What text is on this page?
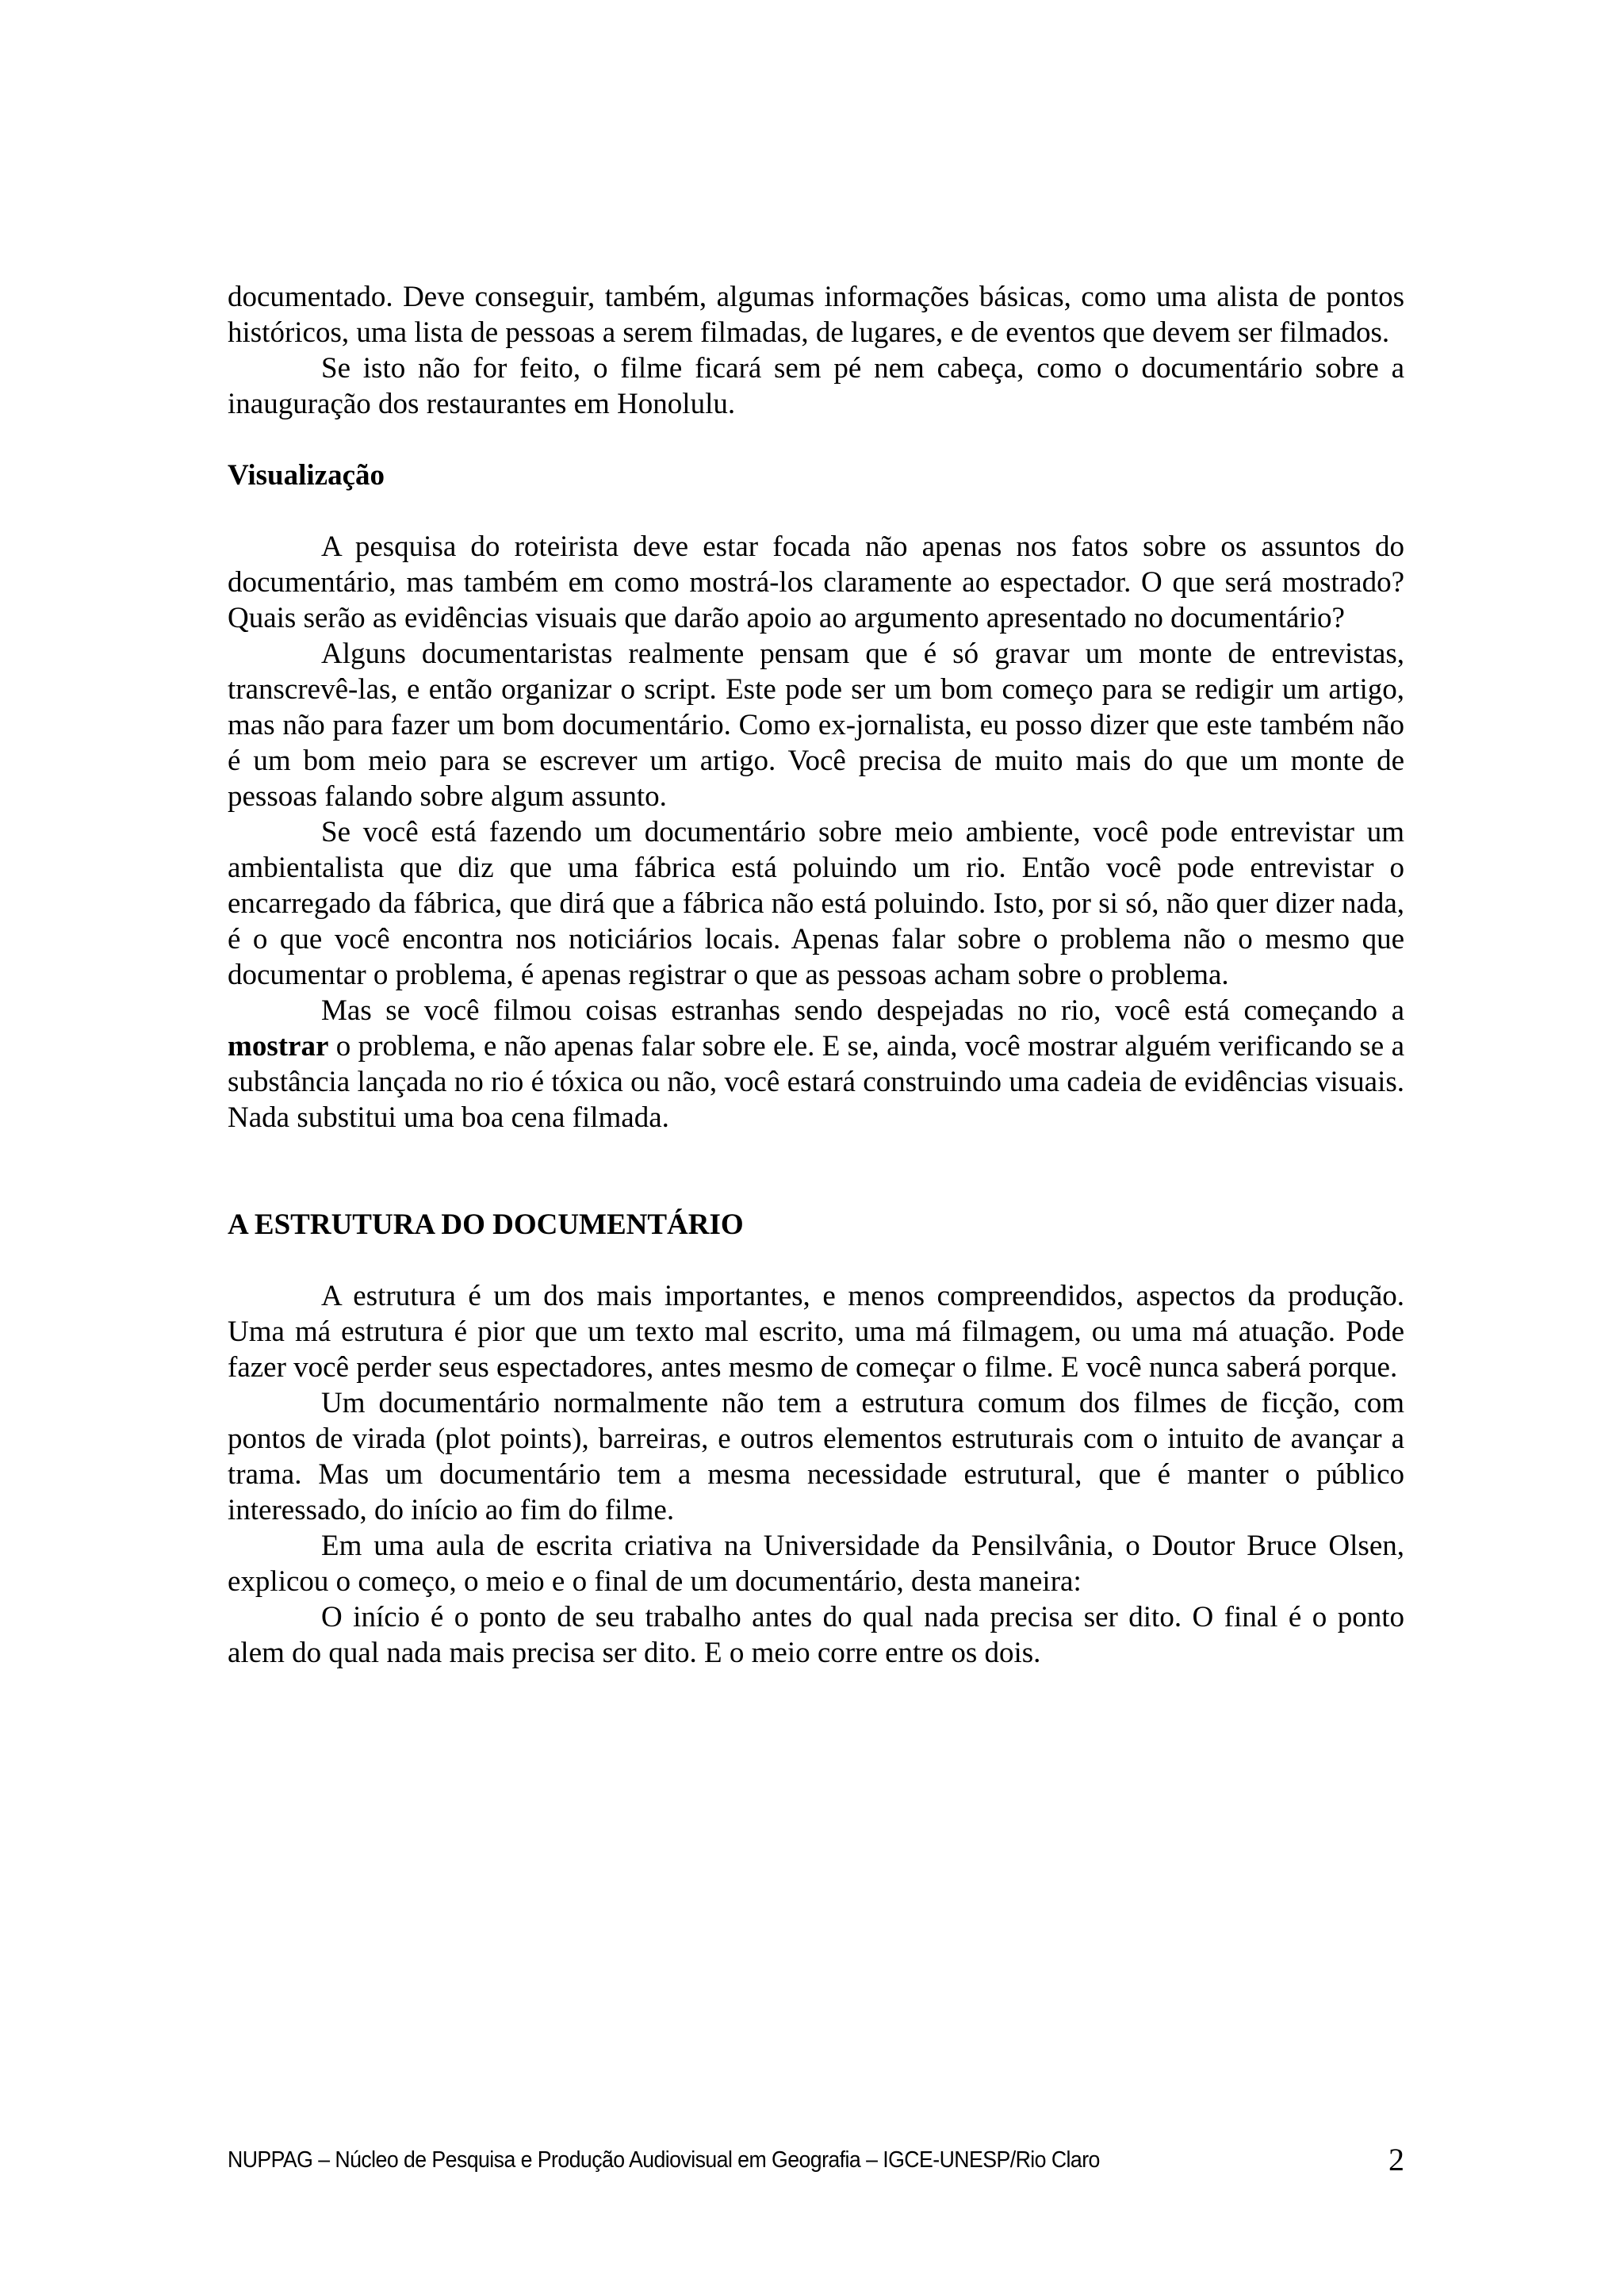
documentado. Deve conseguir, também, algumas informações básicas, como uma alista de pontos históricos, uma lista de pessoas a serem filmadas, de lugares, e de eventos que devem ser filmados.

Se isto não for feito, o filme ficará sem pé nem cabeça, como o documentário sobre a inauguração dos restaurantes em Honolulu.

Visualização

A pesquisa do roteirista deve estar focada não apenas nos fatos sobre os assuntos do documentário, mas também em como mostrá-los claramente ao espectador. O que será mostrado? Quais serão as evidências visuais que darão apoio ao argumento apresentado no documentário?

Alguns documentaristas realmente pensam que é só gravar um monte de entrevistas, transcrevê-las, e então organizar o script. Este pode ser um bom começo para se redigir um artigo, mas não para fazer um bom documentário. Como ex-jornalista, eu posso dizer que este também não é um bom meio para se escrever um artigo. Você precisa de muito mais do que um monte de pessoas falando sobre algum assunto.

Se você está fazendo um documentário sobre meio ambiente, você pode entrevistar um ambientalista que diz que uma fábrica está poluindo um rio. Então você pode entrevistar o encarregado da fábrica, que dirá que a fábrica não está poluindo. Isto, por si só, não quer dizer nada, é o que você encontra nos noticiários locais. Apenas falar sobre o problema não o mesmo que documentar o problema, é apenas registrar o que as pessoas acham sobre o problema.

Mas se você filmou coisas estranhas sendo despejadas no rio, você está começando a mostrar o problema, e não apenas falar sobre ele. E se, ainda, você mostrar alguém verificando se a substância lançada no rio é tóxica ou não, você estará construindo uma cadeia de evidências visuais. Nada substitui uma boa cena filmada.

A ESTRUTURA DO DOCUMENTÁRIO

A estrutura é um dos mais importantes, e menos compreendidos, aspectos da produção. Uma má estrutura é pior que um texto mal escrito, uma má filmagem, ou uma má atuação. Pode fazer você perder seus espectadores, antes mesmo de começar o filme. E você nunca saberá porque.

Um documentário normalmente não tem a estrutura comum dos filmes de ficção, com pontos de virada (plot points), barreiras, e outros elementos estruturais com o intuito de avançar a trama. Mas um documentário tem a mesma necessidade estrutural, que é manter o público interessado, do início ao fim do filme.

Em uma aula de escrita criativa na Universidade da Pensilvânia, o Doutor Bruce Olsen, explicou o começo, o meio e o final de um documentário, desta maneira:

O início é o ponto de seu trabalho antes do qual nada precisa ser dito. O final é o ponto alem do qual nada mais precisa ser dito. E o meio corre entre os dois.

NUPPAG – Núcleo de Pesquisa e Produção Audiovisual em Geografia – IGCE-UNESP/Rio Claro	2
